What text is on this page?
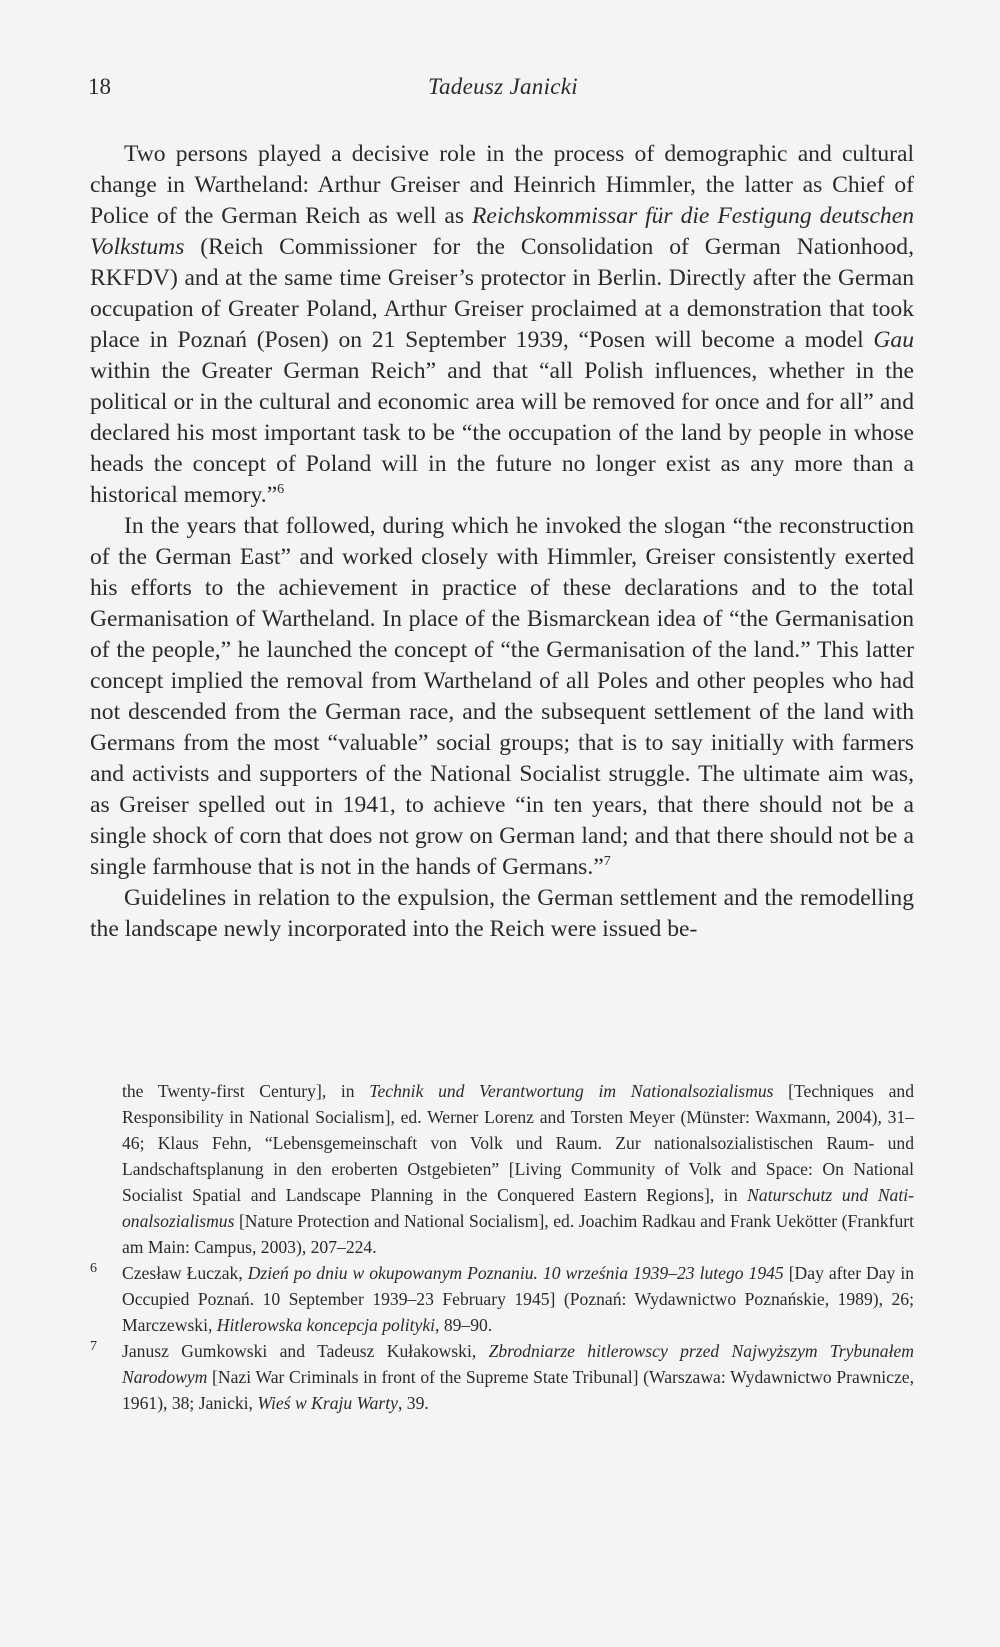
18	Tadeusz Janicki

Two persons played a decisive role in the process of demographic and cultural change in Wartheland: Arthur Greiser and Heinrich Himmler, the latter as Chief of Police of the German Reich as well as Reichskommissar für die Festigung deutschen Volkstums (Reich Commissioner for the Consolidation of German Nationhood, RKFDV) and at the same time Greiser’s protector in Berlin. Directly after the German occupation of Greater Poland, Arthur Greiser proclaimed at a demonstration that took place in Poznań (Posen) on 21 September 1939, “Posen will become a model Gau within the Greater German Reich” and that “all Polish influences, whether in the political or in the cultural and economic area will be removed for once and for all” and declared his most important task to be “the occupation of the land by people in whose heads the concept of Poland will in the future no longer exist as any more than a historical memory.”$^6$

In the years that followed, during which he invoked the slogan “the reconstruction of the German East” and worked closely with Himmler, Greiser consistently exerted his efforts to the achievement in practice of these declarations and to the total Germanisation of Wartheland. In place of the Bismarckean idea of “the Germanisation of the people,” he launched the concept of “the Germanisation of the land.” This latter concept implied the removal from Wartheland of all Poles and other peoples who had not descended from the German race, and the subsequent settlement of the land with Germans from the most “valuable” social groups; that is to say initially with farmers and activists and supporters of the National Socialist struggle. The ultimate aim was, as Greiser spelled out in 1941, to achieve “in ten years, that there should not be a single shock of corn that does not grow on German land; and that there should not be a single farmhouse that is not in the hands of Germans.”$^7$

Guidelines in relation to the expulsion, the German settlement and the remodelling the landscape newly incorporated into the Reich were issued be-

the Twenty-first Century], in Technik und Verantwortung im Nationalsozialismus [Techniques and Responsibility in National Socialism], ed. Werner Lorenz and Torsten Meyer (Münster: Waxmann, 2004), 31–46; Klaus Fehn, “Lebensgemeinschaft von Volk und Raum. Zur nationalsozialistischen Raum- und Landschaftsplanung in den eroberten Ostgebieten” [Living Community of Volk and Space: On National Socialist Spatial and Landscape Planning in the Conquered Eastern Regions], in Naturschutz und Nationalsozialismus [Nature Protection and National Socialism], ed. Joachim Radkau and Frank Uekötter (Frankfurt am Main: Campus, 2003), 207–224.
6 Czesław Łuczak, Dzień po dniu w okupowanym Poznaniu. 10 września 1939–23 lutego 1945 [Day after Day in Occupied Poznań. 10 September 1939–23 February 1945] (Poznań: Wydawnictwo Poznańskie, 1989), 26; Marczewski, Hitlerowska koncepcja polityki, 89–90.
7 Janusz Gumkowski and Tadeusz Kułakowski, Zbrodniarze hitlerowscy przed Najwyższym Trybunałem Narodowym [Nazi War Criminals in front of the Supreme State Tribunal] (Warszawa: Wydawnictwo Prawnicze, 1961), 38; Janicki, Wieś w Kraju Warty, 39.
